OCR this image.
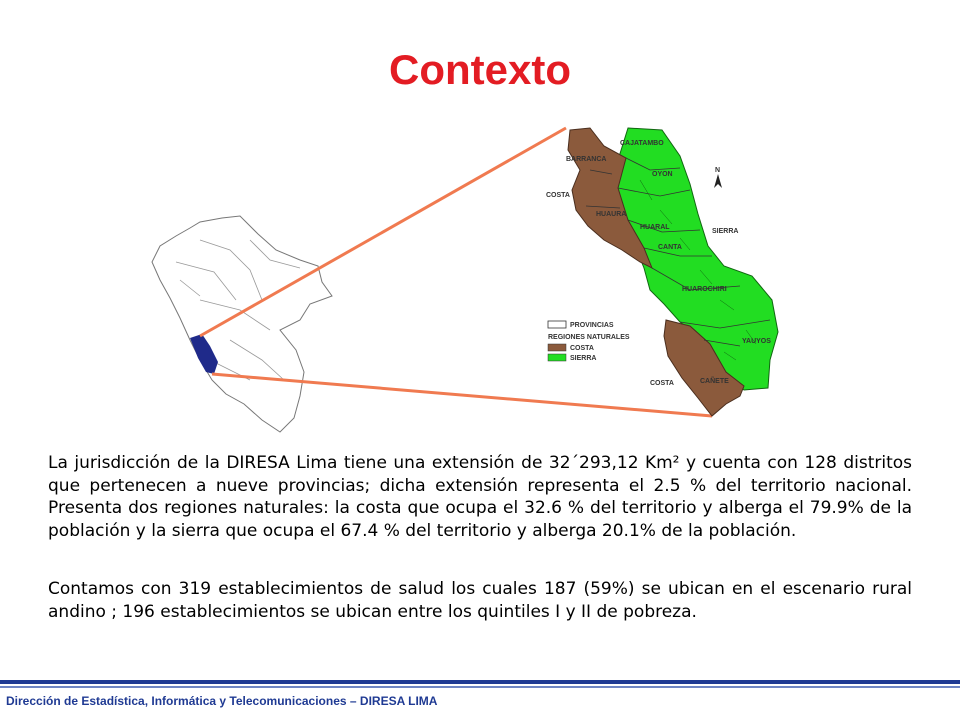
Contexto
CAJATAMBO
BARRANCA
OYON
COSTA
HUAURA
HUARAL
SIERRA
CANTA
HUAROCHIRI
YAUYOS
COSTA	CAÑETE
N
PROVINCIAS
REGIONES NATURALES
COSTA
SIERRA
La jurisdicción de la DIRESA Lima tiene una extensión de 32´293,12 Km² y cuenta con 128 distritos que pertenecen a nueve provincias; dicha extensión representa el 2.5 % del territorio nacional. Presenta dos regiones naturales: la costa que ocupa el 32.6 % del territorio y alberga el 79.9% de la población y la sierra que ocupa el 67.4 % del territorio y alberga 20.1% de la población.
Contamos con 319 establecimientos de salud los cuales 187 (59%) se ubican en el escenario rural andino ; 196 establecimientos se ubican entre los quintiles I y II de pobreza.
Dirección de Estadística, Informática y Telecomunicaciones – DIRESA LIMA
